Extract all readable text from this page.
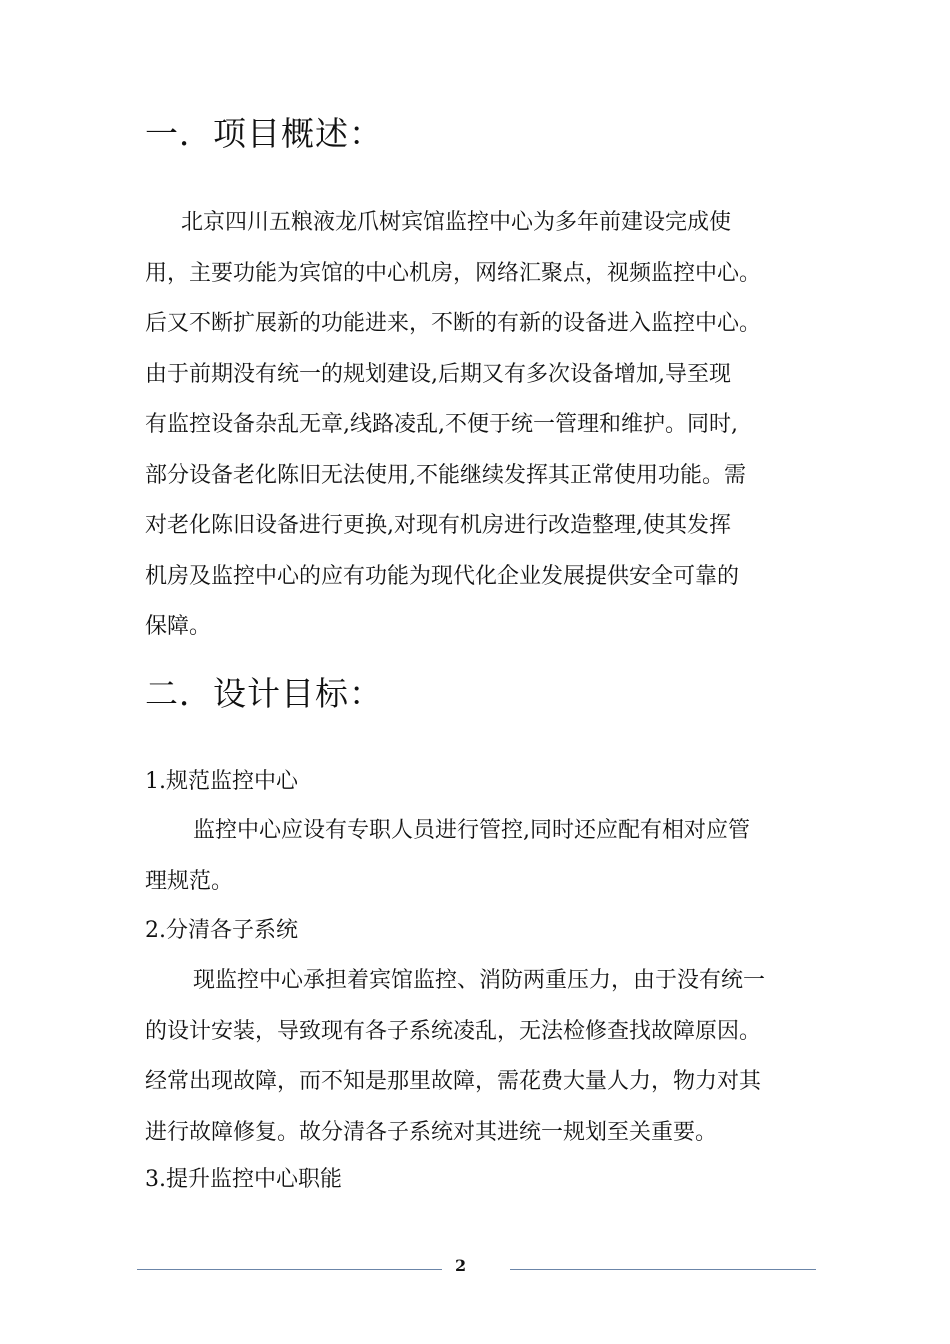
一．项目概述：
北京四川五粮液龙爪树宾馆监控中心为多年前建设完成使
用，主要功能为宾馆的中心机房，网络汇聚点，视频监控中心。
后又不断扩展新的功能进来，不断的有新的设备进入监控中心。
由于前期没有统一的规划建设,后期又有多次设备增加,导至现
有监控设备杂乱无章,线路凌乱,不便于统一管理和维护。同时,
部分设备老化陈旧无法使用,不能继续发挥其正常使用功能。需
对老化陈旧设备进行更换,对现有机房进行改造整理,使其发挥
机房及监控中心的应有功能为现代化企业发展提供安全可靠的
保障。
二．设计目标：
1.规范监控中心
监控中心应设有专职人员进行管控,同时还应配有相对应管
理规范。
2.分清各子系统
现监控中心承担着宾馆监控、消防两重压力，由于没有统一
的设计安装，导致现有各子系统凌乱，无法检修查找故障原因。
经常出现故障，而不知是那里故障，需花费大量人力，物力对其
进行故障修复。故分清各子系统对其进统一规划至关重要。
3.提升监控中心职能
2
